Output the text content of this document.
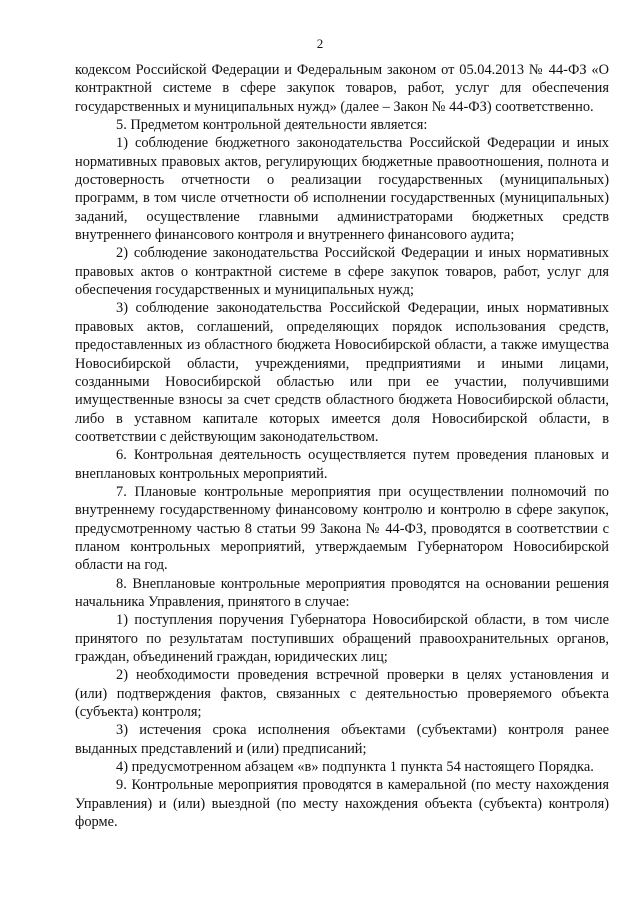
2

кодексом Российской Федерации и Федеральным законом от 05.04.2013 № 44-ФЗ «О контрактной системе в сфере закупок товаров, работ, услуг для обеспечения государственных и муниципальных нужд» (далее – Закон № 44-ФЗ) соответственно.

5. Предметом контрольной деятельности является:

1) соблюдение бюджетного законодательства Российской Федерации и иных нормативных правовых актов, регулирующих бюджетные правоотношения, полнота и достоверность отчетности о реализации государственных (муниципальных) программ, в том числе отчетности об исполнении государственных (муниципальных) заданий, осуществление главными администраторами бюджетных средств внутреннего финансового контроля и внутреннего финансового аудита;

2) соблюдение законодательства Российской Федерации и иных нормативных правовых актов о контрактной системе в сфере закупок товаров, работ, услуг для обеспечения государственных и муниципальных нужд;

3) соблюдение законодательства Российской Федерации, иных нормативных правовых актов, соглашений, определяющих порядок использования средств, предоставленных из областного бюджета Новосибирской области, а также имущества Новосибирской области, учреждениями, предприятиями и иными лицами, созданными Новосибирской областью или при ее участии, получившими имущественные взносы за счет средств областного бюджета Новосибирской области, либо в уставном капитале которых имеется доля Новосибирской области, в соответствии с действующим законодательством.

6. Контрольная деятельность осуществляется путем проведения плановых и внеплановых контрольных мероприятий.

7. Плановые контрольные мероприятия при осуществлении полномочий по внутреннему государственному финансовому контролю и контролю в сфере закупок, предусмотренному частью 8 статьи 99 Закона № 44-ФЗ, проводятся в соответствии с планом контрольных мероприятий, утверждаемым Губернатором Новосибирской области на год.

8. Внеплановые контрольные мероприятия проводятся на основании решения начальника Управления, принятого в случае:

1) поступления поручения Губернатора Новосибирской области, в том числе принятого по результатам поступивших обращений правоохранительных органов, граждан, объединений граждан, юридических лиц;

2) необходимости проведения встречной проверки в целях установления и (или) подтверждения фактов, связанных с деятельностью проверяемого объекта (субъекта) контроля;

3) истечения срока исполнения объектами (субъектами) контроля ранее выданных представлений и (или) предписаний;

4) предусмотренном абзацем «в» подпункта 1 пункта 54 настоящего Порядка.

9. Контрольные мероприятия проводятся в камеральной (по месту нахождения Управления) и (или) выездной (по месту нахождения объекта (субъекта) контроля) форме.
